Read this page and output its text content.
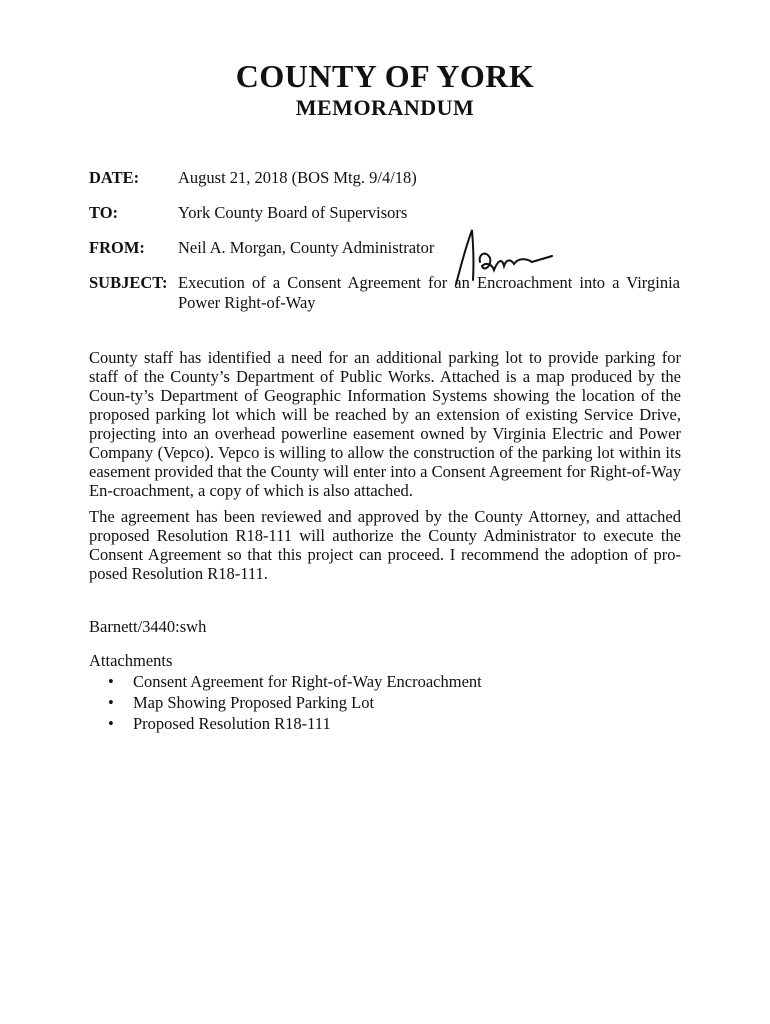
COUNTY OF YORK
MEMORANDUM
DATE: August 21, 2018 (BOS Mtg. 9/4/18)
TO:	York County Board of Supervisors
FROM: Neil A. Morgan, County Administrator
SUBJECT: Execution of a Consent Agreement for an Encroachment into a Virginia Power Right-of-Way
County staff has identified a need for an additional parking lot to provide parking for staff of the County’s Department of Public Works. Attached is a map produced by the Coun-ty’s Department of Geographic Information Systems showing the location of the proposed parking lot which will be reached by an extension of existing Service Drive, projecting into an overhead powerline easement owned by Virginia Electric and Power Company (Vepco). Vepco is willing to allow the construction of the parking lot within its easement provided that the County will enter into a Consent Agreement for Right-of-Way En-croachment, a copy of which is also attached.
The agreement has been reviewed and approved by the County Attorney, and attached proposed Resolution R18-111 will authorize the County Administrator to execute the Consent Agreement so that this project can proceed. I recommend the adoption of pro-posed Resolution R18-111.
Barnett/3440:swh
Attachments
• Consent Agreement for Right-of-Way Encroachment
• Map Showing Proposed Parking Lot
• Proposed Resolution R18-111
